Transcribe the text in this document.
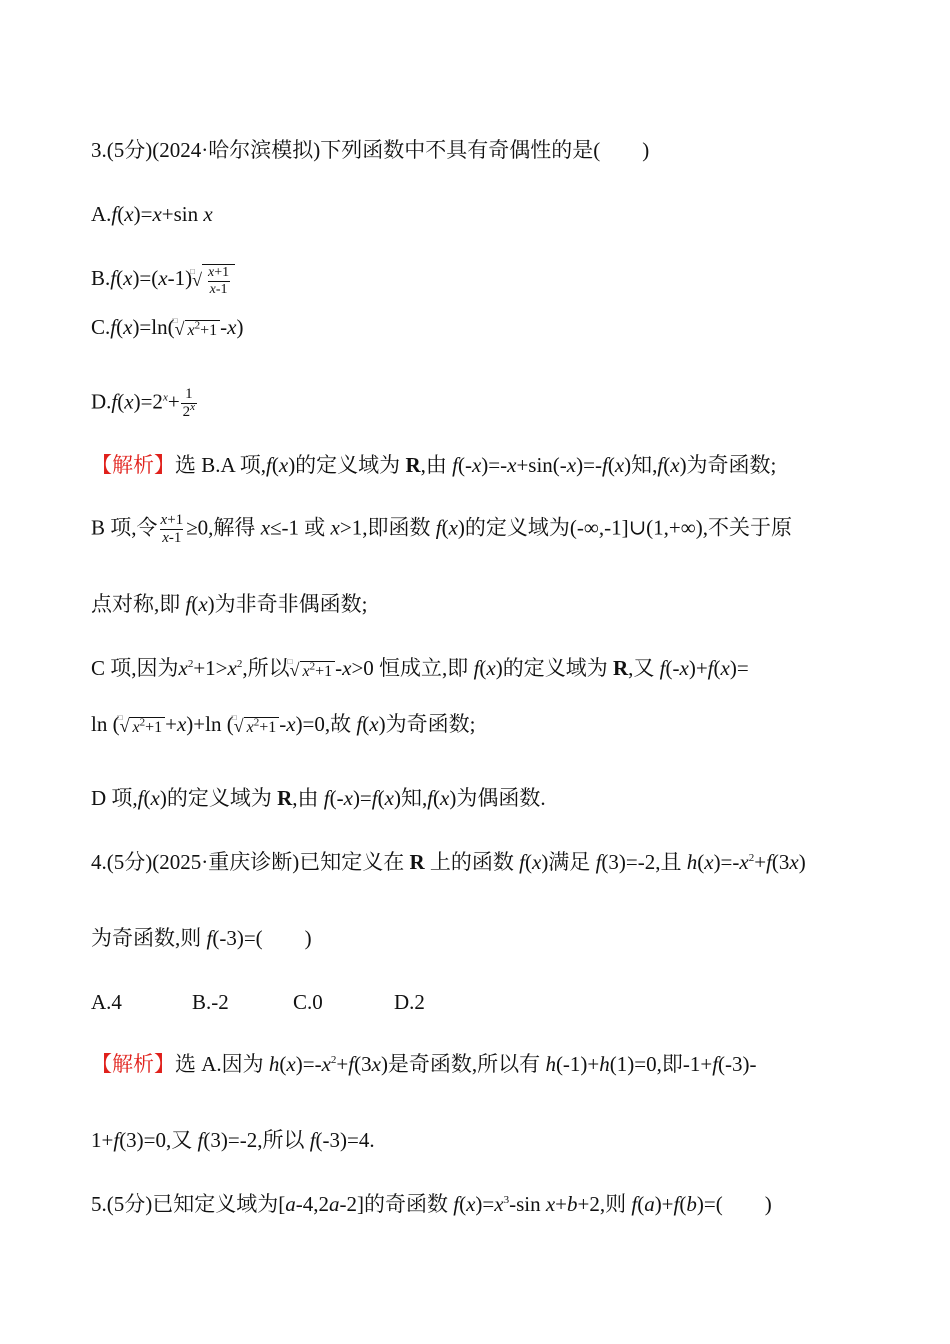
3.(5分)(2024·哈尔滨模拟)下列函数中不具有奇偶性的是( )
A.f(x)=x+sin x
B.f(x)=(x-1) □ √ $\frac{x+1}{x-1}$
C.f(x)=ln( □ √ $x^2+1$ -x)
$D.f(x)=2^x+ \frac{1}{2^x}$
【解析】选 B.A 项,f(x)的定义域为 R,由 f(-x)=-x+sin(-x)=-f(x)知,f(x)为奇函数;
B 项,令 $\frac{x+1}{x-1} \ge 0$,解得 x≤-1 或 x>1,即函数 f(x)的定义域为(-∞,-1]∪(1,+∞),不关于原
点对称,即 f(x)为非奇非偶函数;
C 项,因为$x^2+1>x^2$,所以 □ √ $x^2+1$ -x>0 恒成立,即 f(x)的定义域为 R,又 f(-x)+f(x)=
ln ( □ √ $x^2+1 +x)+\ln$ ( □ √ $x^2+1$ -x)=0,故 f(x)为奇函数;
D 项,f(x)的定义域为 R,由 f(-x)=f(x)知,f(x)为偶函数.
4.(5分)(2025·重庆诊断)已知定义在 R 上的函数 f(x)满足 f(3)=-2,且 $h(x)=-x^2+f(3x)$
为奇函数,则 f(-3)=( )
A.4	B.-2	C.0	D.2
【解析】选 A.因为 $h(x)=-x^2+f(3x)$是奇函数,所以有 h(-1)+h(1)=0,即-1+f(-3)-
1+f(3)=0,又 f(3)=-2,所以 f(-3)=4.
5.(5分)已知定义域为[a-4,2a-2]的奇函数 $f(x)=x^3-\sin$ x+b+2,则 f(a)+f(b)=( )
